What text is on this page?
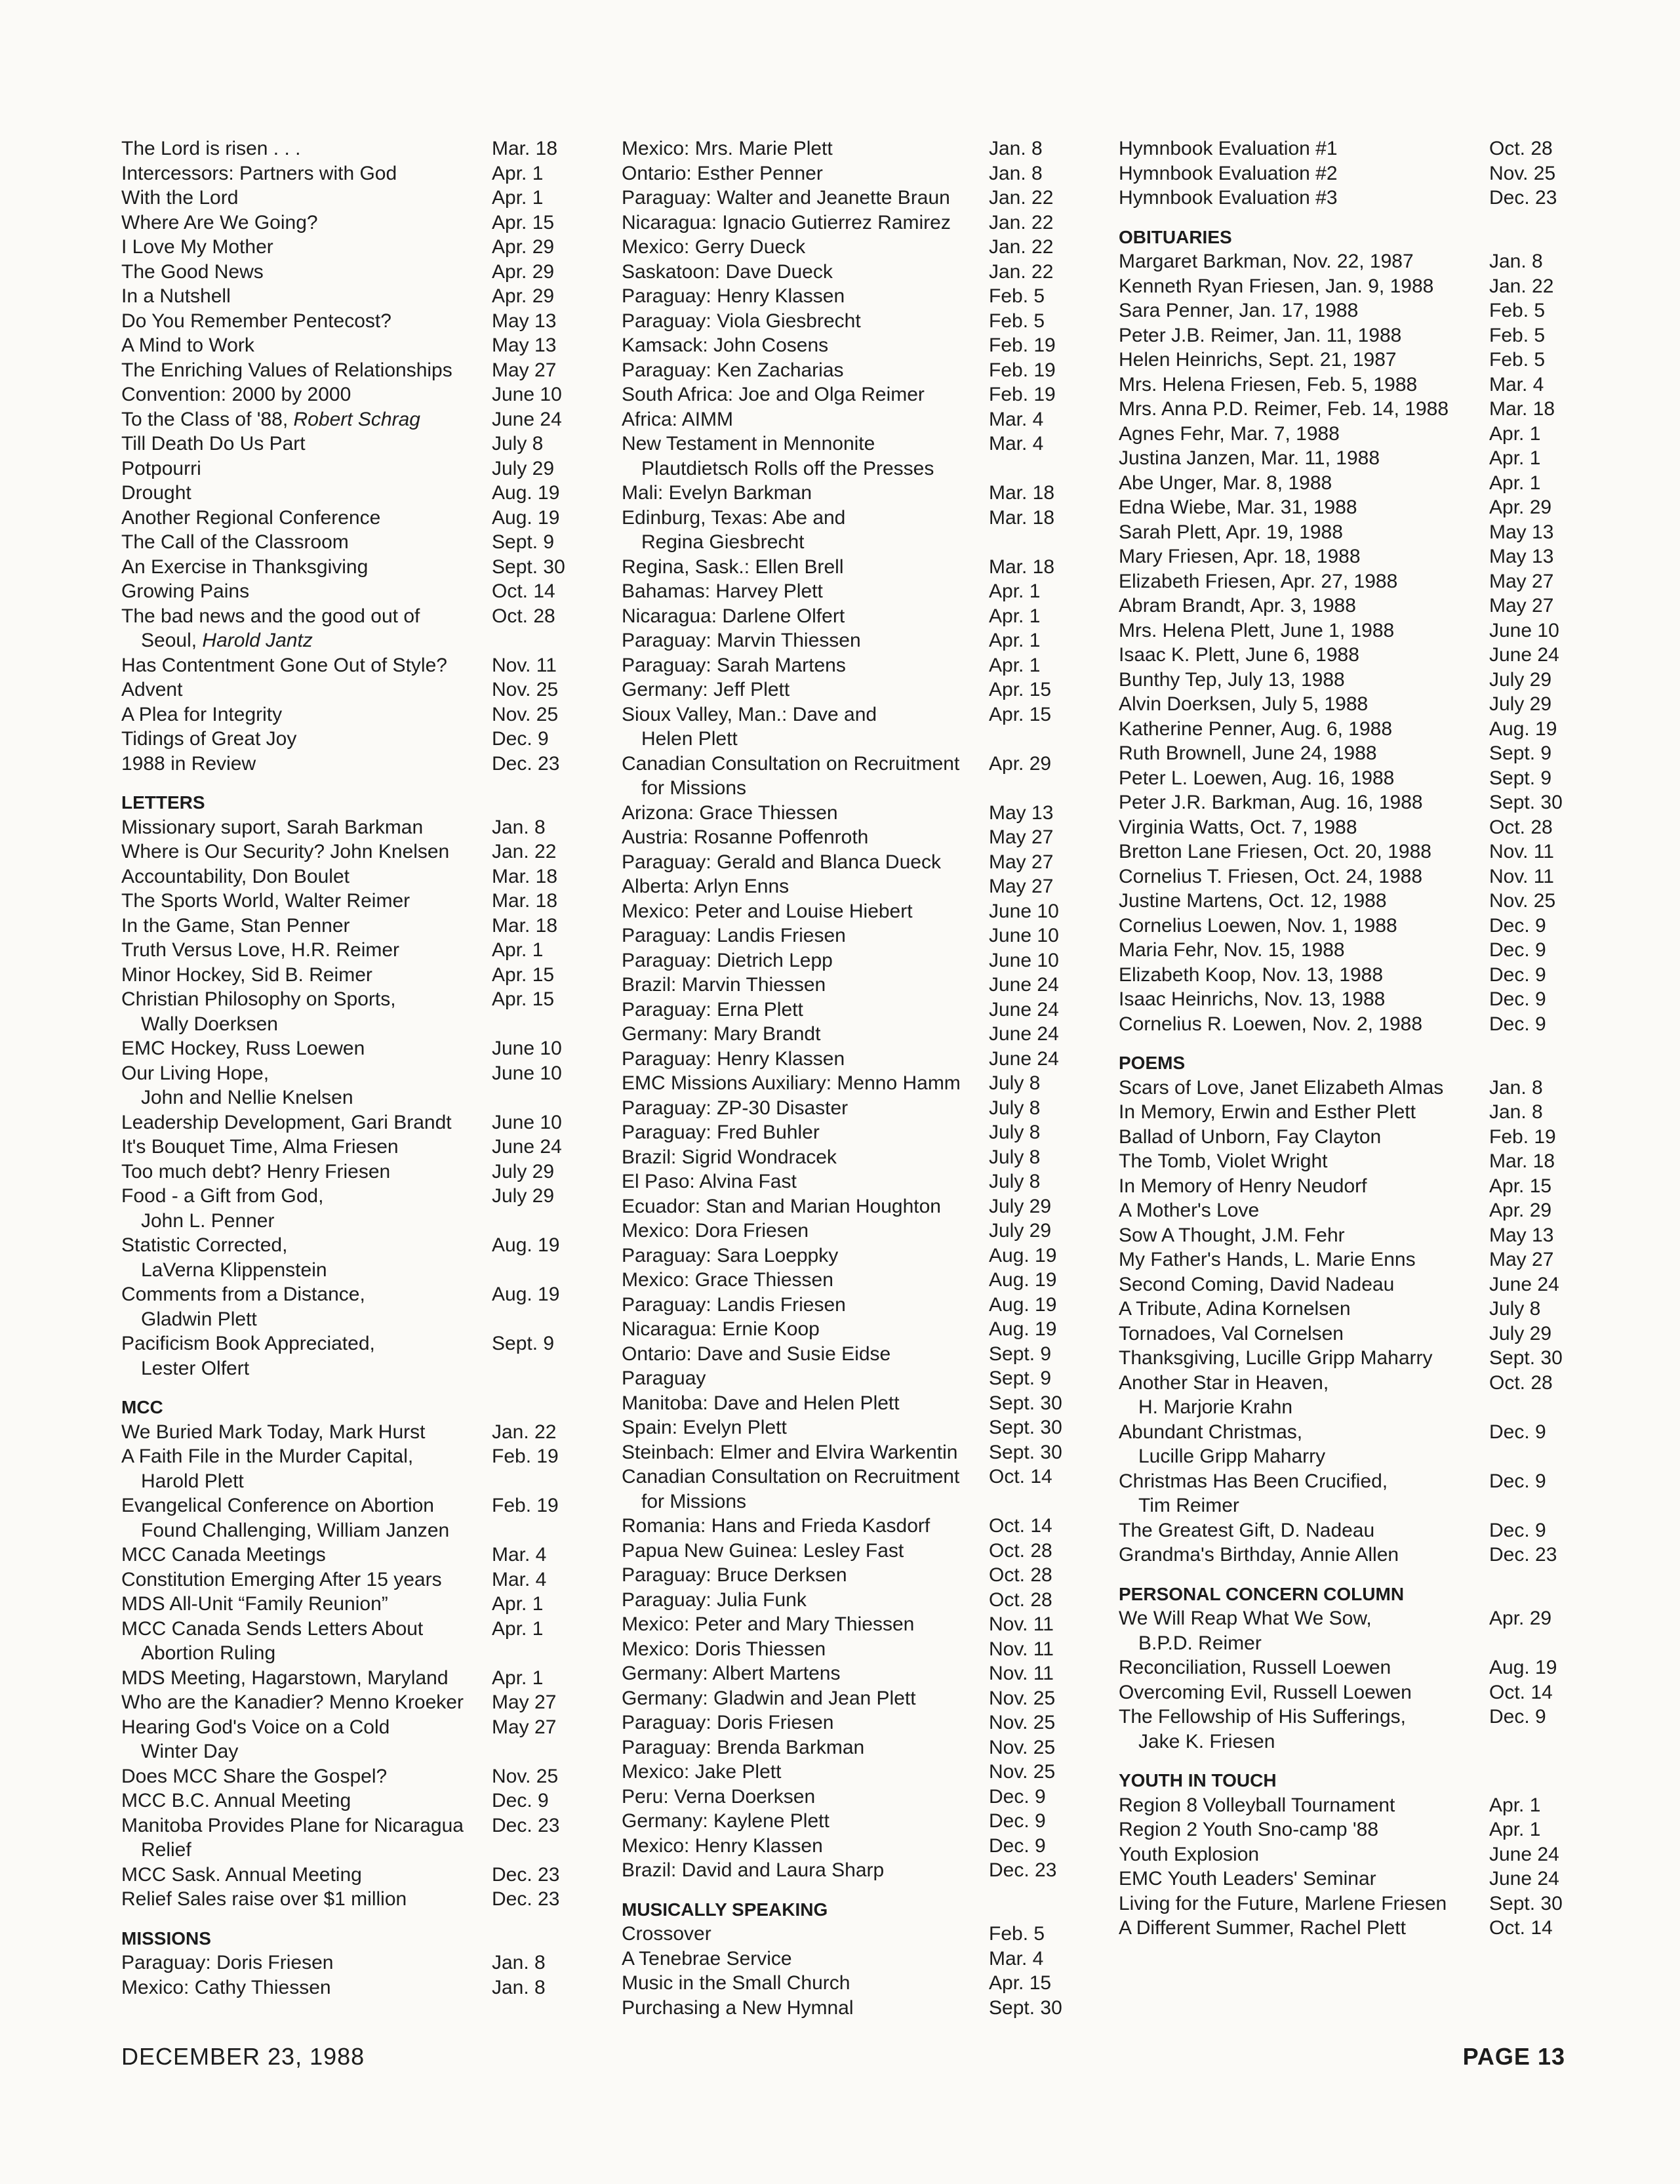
The Lord is risen . . .	Mar. 18
Intercessors: Partners with God	Apr. 1
With the Lord	Apr. 1
Where Are We Going?	Apr. 15
I Love My Mother	Apr. 29
The Good News	Apr. 29
In a Nutshell	Apr. 29
Do You Remember Pentecost?	May 13
A Mind to Work	May 13
The Enriching Values of Relationships	May 27
Convention: 2000 by 2000	June 10
To the Class of '88, Robert Schrag	June 24
Till Death Do Us Part	July 8
Potpourri	July 29
Drought	Aug. 19
Another Regional Conference	Aug. 19
The Call of the Classroom	Sept. 9
An Exercise in Thanksgiving	Sept. 30
Growing Pains	Oct. 14
The bad news and the good out of
Seoul, Harold Jantz
Oct. 28
Has Contentment Gone Out of Style?	Nov. 11
Advent	Nov. 25
A Plea for Integrity	Nov. 25
Tidings of Great Joy	Dec. 9
1988 in Review	Dec. 23
LETTERS
Missionary suport, Sarah Barkman	Jan. 8
Where is Our Security? John Knelsen	Jan. 22
Accountability, Don Boulet	Mar. 18
The Sports World, Walter Reimer	Mar. 18
In the Game, Stan Penner	Mar. 18
Truth Versus Love, H.R. Reimer	Apr. 1
Minor Hockey, Sid B. Reimer	Apr. 15
Christian Philosophy on Sports,
Wally Doerksen
Apr. 15
EMC Hockey, Russ Loewen	June 10
Our Living Hope,
John and Nellie Knelsen
June 10
Leadership Development, Gari Brandt	June 10
It's Bouquet Time, Alma Friesen	June 24
Too much debt? Henry Friesen	July 29
Food - a Gift from God,
John L. Penner
July 29
Statistic Corrected,
LaVerna Klippenstein
Aug. 19
Comments from a Distance,
Gladwin Plett
Aug. 19
Pacificism Book Appreciated,
Lester Olfert
Sept. 9
MCC
We Buried Mark Today, Mark Hurst	Jan. 22
A Faith File in the Murder Capital,
Harold Plett
Feb. 19
Evangelical Conference on Abortion
Found Challenging, William Janzen
Feb. 19
MCC Canada Meetings	Mar. 4
Constitution Emerging After 15 years	Mar. 4
MDS All-Unit “Family Reunion”	Apr. 1
MCC Canada Sends Letters About
Abortion Ruling
Apr. 1
MDS Meeting, Hagarstown, Maryland	Apr. 1
Who are the Kanadier? Menno Kroeker	May 27
Hearing God's Voice on a Cold
Winter Day
May 27
Does MCC Share the Gospel?	Nov. 25
MCC B.C. Annual Meeting	Dec. 9
Manitoba Provides Plane for Nicaragua
Relief
Dec. 23
MCC Sask. Annual Meeting	Dec. 23
Relief Sales raise over $1 million	Dec. 23
MISSIONS
Paraguay: Doris Friesen	Jan. 8
Mexico: Cathy Thiessen	Jan. 8
Mexico: Mrs. Marie Plett	Jan. 8
Ontario: Esther Penner	Jan. 8
Paraguay: Walter and Jeanette Braun	Jan. 22
Nicaragua: Ignacio Gutierrez Ramirez	Jan. 22
Mexico: Gerry Dueck	Jan. 22
Saskatoon: Dave Dueck	Jan. 22
Paraguay: Henry Klassen	Feb. 5
Paraguay: Viola Giesbrecht	Feb. 5
Kamsack: John Cosens	Feb. 19
Paraguay: Ken Zacharias	Feb. 19
South Africa: Joe and Olga Reimer	Feb. 19
Africa: AIMM	Mar. 4
New Testament in Mennonite
Plautdietsch Rolls off the Presses
Mar. 4
Mali: Evelyn Barkman	Mar. 18
Edinburg, Texas: Abe and
Regina Giesbrecht
Mar. 18
Regina, Sask.: Ellen Brell	Mar. 18
Bahamas: Harvey Plett	Apr. 1
Nicaragua: Darlene Olfert	Apr. 1
Paraguay: Marvin Thiessen	Apr. 1
Paraguay: Sarah Martens	Apr. 1
Germany: Jeff Plett	Apr. 15
Sioux Valley, Man.: Dave and
Helen Plett
Apr. 15
Canadian Consultation on Recruitment
for Missions
Apr. 29
Arizona: Grace Thiessen	May 13
Austria: Rosanne Poffenroth	May 27
Paraguay: Gerald and Blanca Dueck	May 27
Alberta: Arlyn Enns	May 27
Mexico: Peter and Louise Hiebert	June 10
Paraguay: Landis Friesen	June 10
Paraguay: Dietrich Lepp	June 10
Brazil: Marvin Thiessen	June 24
Paraguay: Erna Plett	June 24
Germany: Mary Brandt	June 24
Paraguay: Henry Klassen	June 24
EMC Missions Auxiliary: Menno Hamm	July 8
Paraguay: ZP-30 Disaster	July 8
Paraguay: Fred Buhler	July 8
Brazil: Sigrid Wondracek	July 8
El Paso: Alvina Fast	July 8
Ecuador: Stan and Marian Houghton	July 29
Mexico: Dora Friesen	July 29
Paraguay: Sara Loeppky	Aug. 19
Mexico: Grace Thiessen	Aug. 19
Paraguay: Landis Friesen	Aug. 19
Nicaragua: Ernie Koop	Aug. 19
Ontario: Dave and Susie Eidse	Sept. 9
Paraguay	Sept. 9
Manitoba: Dave and Helen Plett	Sept. 30
Spain: Evelyn Plett	Sept. 30
Steinbach: Elmer and Elvira Warkentin	Sept. 30
Canadian Consultation on Recruitment
for Missions
Oct. 14
Romania: Hans and Frieda Kasdorf	Oct. 14
Papua New Guinea: Lesley Fast	Oct. 28
Paraguay: Bruce Derksen	Oct. 28
Paraguay: Julia Funk	Oct. 28
Mexico: Peter and Mary Thiessen	Nov. 11
Mexico: Doris Thiessen	Nov. 11
Germany: Albert Martens	Nov. 11
Germany: Gladwin and Jean Plett	Nov. 25
Paraguay: Doris Friesen	Nov. 25
Paraguay: Brenda Barkman	Nov. 25
Mexico: Jake Plett	Nov. 25
Peru: Verna Doerksen	Dec. 9
Germany: Kaylene Plett	Dec. 9
Mexico: Henry Klassen	Dec. 9
Brazil: David and Laura Sharp	Dec. 23
MUSICALLY SPEAKING
Crossover	Feb. 5
A Tenebrae Service	Mar. 4
Music in the Small Church	Apr. 15
Purchasing a New Hymnal	Sept. 30
Hymnbook Evaluation #1	Oct. 28
Hymnbook Evaluation #2	Nov. 25
Hymnbook Evaluation #3	Dec. 23
OBITUARIES
Margaret Barkman, Nov. 22, 1987	Jan. 8
Kenneth Ryan Friesen, Jan. 9, 1988	Jan. 22
Sara Penner, Jan. 17, 1988	Feb. 5
Peter J.B. Reimer, Jan. 11, 1988	Feb. 5
Helen Heinrichs, Sept. 21, 1987	Feb. 5
Mrs. Helena Friesen, Feb. 5, 1988	Mar. 4
Mrs. Anna P.D. Reimer, Feb. 14, 1988	Mar. 18
Agnes Fehr, Mar. 7, 1988	Apr. 1
Justina Janzen, Mar. 11, 1988	Apr. 1
Abe Unger, Mar. 8, 1988	Apr. 1
Edna Wiebe, Mar. 31, 1988	Apr. 29
Sarah Plett, Apr. 19, 1988	May 13
Mary Friesen, Apr. 18, 1988	May 13
Elizabeth Friesen, Apr. 27, 1988	May 27
Abram Brandt, Apr. 3, 1988	May 27
Mrs. Helena Plett, June 1, 1988	June 10
Isaac K. Plett, June 6, 1988	June 24
Bunthy Tep, July 13, 1988	July 29
Alvin Doerksen, July 5, 1988	July 29
Katherine Penner, Aug. 6, 1988	Aug. 19
Ruth Brownell, June 24, 1988	Sept. 9
Peter L. Loewen, Aug. 16, 1988	Sept. 9
Peter J.R. Barkman, Aug. 16, 1988	Sept. 30
Virginia Watts, Oct. 7, 1988	Oct. 28
Bretton Lane Friesen, Oct. 20, 1988	Nov. 11
Cornelius T. Friesen, Oct. 24, 1988	Nov. 11
Justine Martens, Oct. 12, 1988	Nov. 25
Cornelius Loewen, Nov. 1, 1988	Dec. 9
Maria Fehr, Nov. 15, 1988	Dec. 9
Elizabeth Koop, Nov. 13, 1988	Dec. 9
Isaac Heinrichs, Nov. 13, 1988	Dec. 9
Cornelius R. Loewen, Nov. 2, 1988	Dec. 9
POEMS
Scars of Love, Janet Elizabeth Almas	Jan. 8
In Memory, Erwin and Esther Plett	Jan. 8
Ballad of Unborn, Fay Clayton	Feb. 19
The Tomb, Violet Wright	Mar. 18
In Memory of Henry Neudorf	Apr. 15
A Mother's Love	Apr. 29
Sow A Thought, J.M. Fehr	May 13
My Father's Hands, L. Marie Enns	May 27
Second Coming, David Nadeau	June 24
A Tribute, Adina Kornelsen	July 8
Tornadoes, Val Cornelsen	July 29
Thanksgiving, Lucille Gripp Maharry	Sept. 30
Another Star in Heaven,
H. Marjorie Krahn
Oct. 28
Abundant Christmas,
Lucille Gripp Maharry
Dec. 9
Christmas Has Been Crucified,
Tim Reimer
Dec. 9
The Greatest Gift, D. Nadeau	Dec. 9
Grandma's Birthday, Annie Allen	Dec. 23
PERSONAL CONCERN COLUMN
We Will Reap What We Sow,
B.P.D. Reimer
Apr. 29
Reconciliation, Russell Loewen	Aug. 19
Overcoming Evil, Russell Loewen	Oct. 14
The Fellowship of His Sufferings,
Jake K. Friesen
Dec. 9
YOUTH IN TOUCH
Region 8 Volleyball Tournament	Apr. 1
Region 2 Youth Sno-camp '88	Apr. 1
Youth Explosion	June 24
EMC Youth Leaders' Seminar	June 24
Living for the Future, Marlene Friesen	Sept. 30
A Different Summer, Rachel Plett	Oct. 14
DECEMBER 23, 1988	PAGE 13
